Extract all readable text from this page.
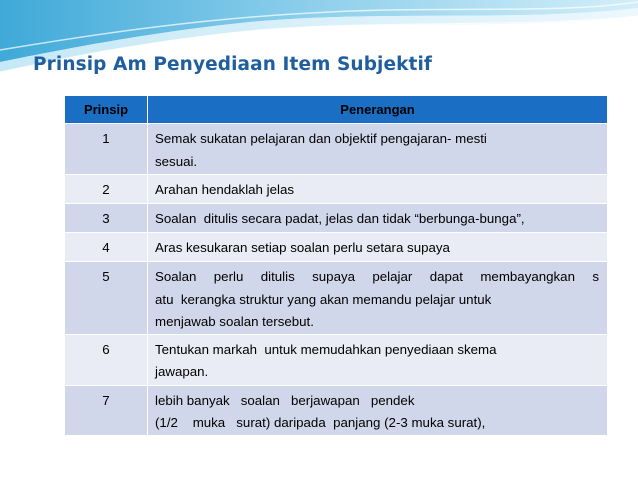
Prinsip Am Penyediaan Item Subjektif
Prinsip	Penerangan
1	Semak sukatan pelajaran dan objektif pengajaran- mesti
sesuai.

2	Arahan hendaklah jelas

3	Soalan  ditulis secara padat, jelas dan tidak “berbunga-bunga”,

4	Aras kesukaran setiap soalan perlu setara supaya

5	Soalan perlu ditulis supaya pelajar dapat membayangkan s
atu  kerangka struktur yang akan memandu pelajar untuk
menjawab soalan tersebut.

6	Tentukan markah  untuk memudahkan penyediaan skema
jawapan.

7	lebih banyak   soalan   berjawapan   pendek
(1/2    muka   surat) daripada  panjang (2-3 muka surat),
